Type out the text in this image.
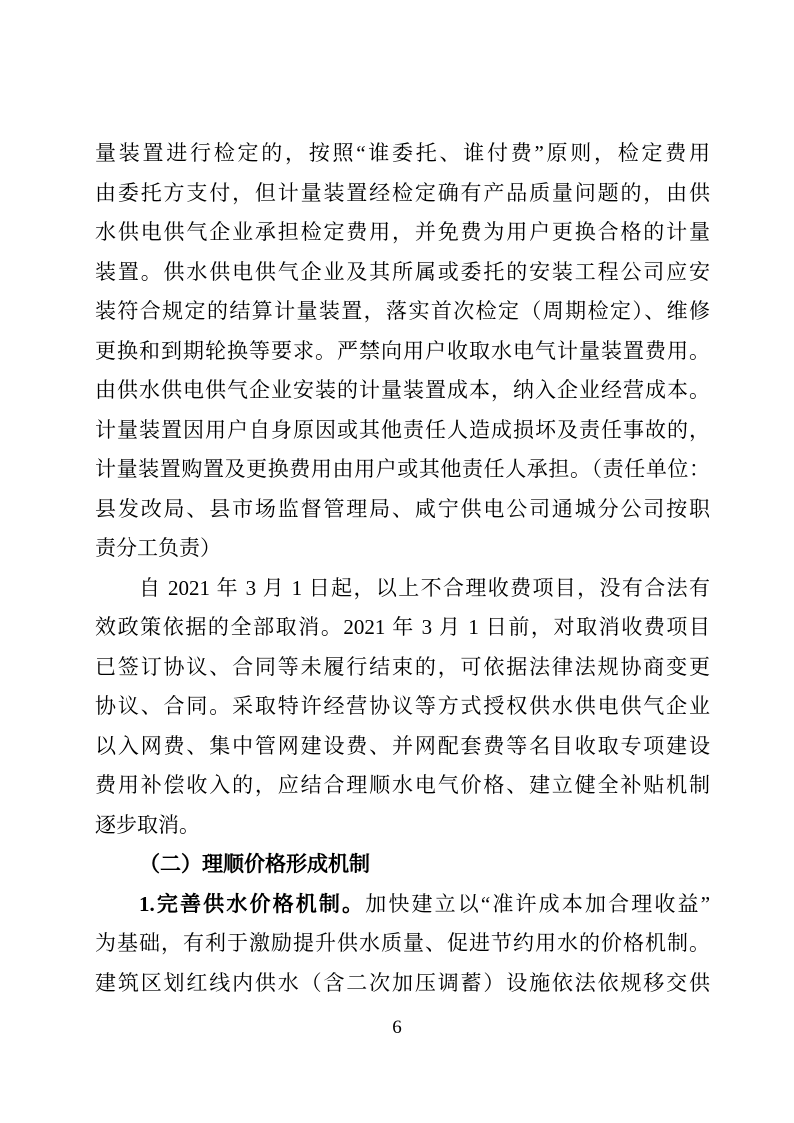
量装置进行检定的，按照“谁委托、谁付费”原则，检定费用
由委托方支付，但计量装置经检定确有产品质量问题的，由供
水供电供气企业承担检定费用，并免费为用户更换合格的计量
装置。供水供电供气企业及其所属或委托的安装工程公司应安
装符合规定的结算计量装置，落实首次检定（周期检定）、维修
更换和到期轮换等要求。严禁向用户收取水电气计量装置费用。
由供水供电供气企业安装的计量装置成本，纳入企业经营成本。
计量装置因用户自身原因或其他责任人造成损坏及责任事故的，
计量装置购置及更换费用由用户或其他责任人承担。（责任单位：
县发改局、县市场监督管理局、咸宁供电公司通城分公司按职
责分工负责）
自 2021 年 3 月 1 日起，以上不合理收费项目，没有合法有
效政策依据的全部取消。2021 年 3 月 1 日前，对取消收费项目
已签订协议、合同等未履行结束的，可依据法律法规协商变更
协议、合同。采取特许经营协议等方式授权供水供电供气企业
以入网费、集中管网建设费、并网配套费等名目收取专项建设
费用补偿收入的，应结合理顺水电气价格、建立健全补贴机制
逐步取消。
（二）理顺价格形成机制
1.完善供水价格机制。加快建立以“准许成本加合理收益”
为基础，有利于激励提升供水质量、促进节约用水的价格机制。
建筑区划红线内供水（含二次加压调蓄）设施依法依规移交供
6
